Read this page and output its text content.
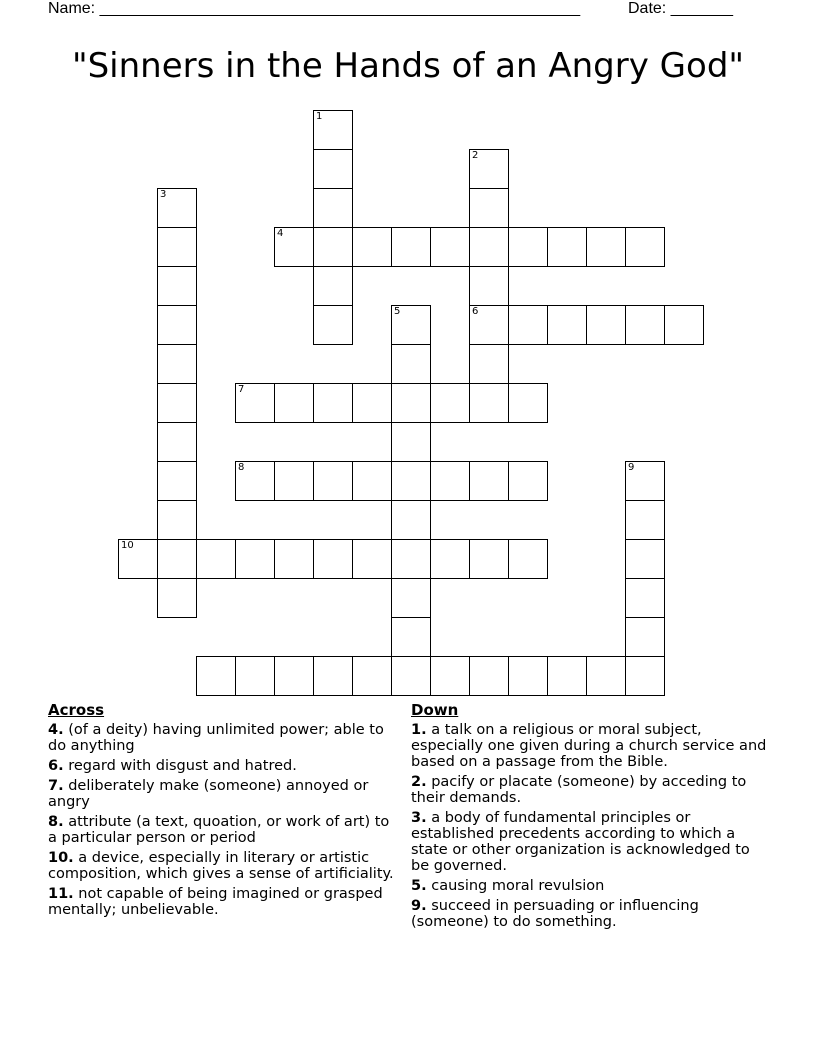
Name: ______________________________________________________	Date: _______
"Sinners in the Hands of an Angry God"
1
2
6
3
4
5
7
8	9
10
Across
4. (of a deity) having unlimited power; able to do anything
6. regard with disgust and hatred.
7. deliberately make (someone) annoyed or angry
8. attribute (a text, quoation, or work of art) to a particular person or period
10. a device, especially in literary or artistic composition, which gives a sense of artificiality.
11. not capable of being imagined or grasped mentally; unbelievable.
Down
1. a talk on a religious or moral subject, especially one given during a church service and based on a passage from the Bible.
2. pacify or placate (someone) by acceding to their demands.
3. a body of fundamental principles or established precedents according to which a state or other organization is acknowledged to be governed.
5. causing moral revulsion
9. succeed in persuading or influencing (someone) to do something.
